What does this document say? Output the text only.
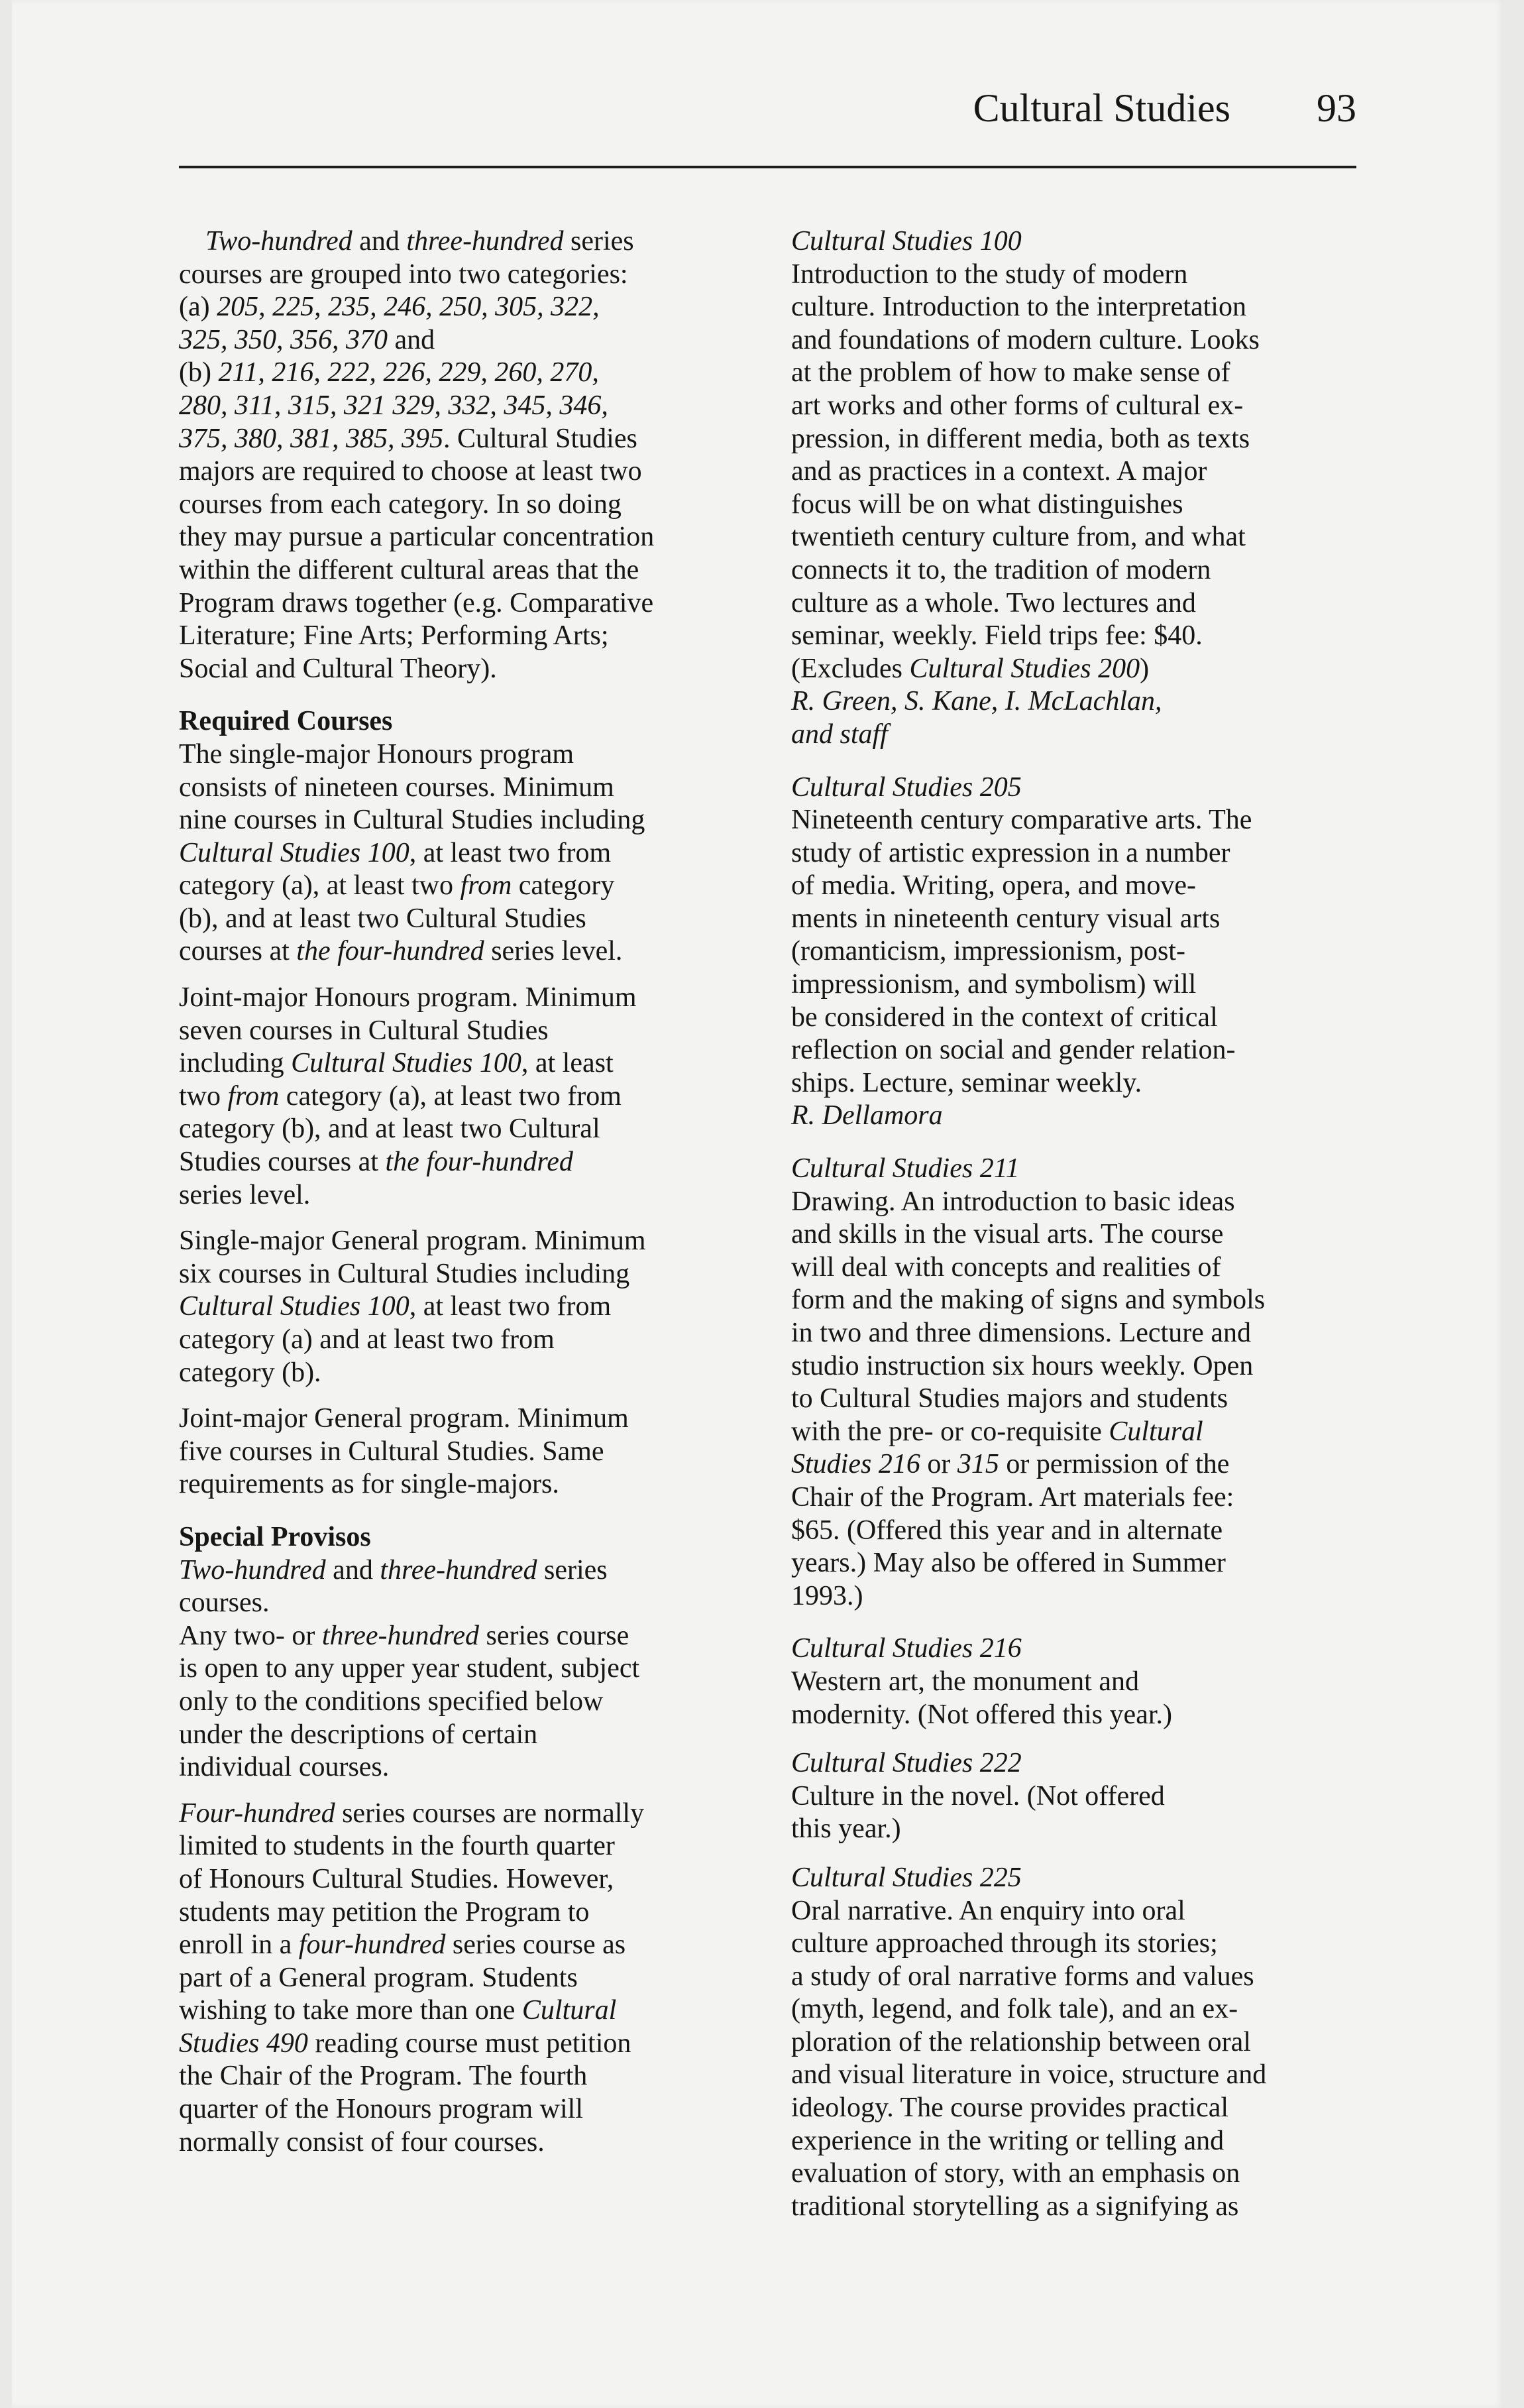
Cultural Studies 93
Two-hundred and three-hundred series
courses are grouped into two categories:
(a) 205, 225, 235, 246, 250, 305, 322,
325, 350, 356, 370 and
(b) 211, 216, 222, 226, 229, 260, 270,
280, 311, 315, 321 329, 332, 345, 346,
375, 380, 381, 385, 395. Cultural Studies
majors are required to choose at least two
courses from each category. In so doing
they may pursue a particular concentration
within the different cultural areas that the
Program draws together (e.g. Comparative
Literature; Fine Arts; Performing Arts;
Social and Cultural Theory).
Required Courses
The single-major Honours program
consists of nineteen courses. Minimum
nine courses in Cultural Studies including
Cultural Studies 100, at least two from
category (a), at least two from category
(b), and at least two Cultural Studies
courses at the four-hundred series level.
Joint-major Honours program. Minimum
seven courses in Cultural Studies
including Cultural Studies 100, at least
two from category (a), at least two from
category (b), and at least two Cultural
Studies courses at the four-hundred
series level.
Single-major General program. Minimum
six courses in Cultural Studies including
Cultural Studies 100, at least two from
category (a) and at least two from
category (b).
Joint-major General program. Minimum
five courses in Cultural Studies. Same
requirements as for single-majors.
Special Provisos
Two-hundred and three-hundred series
courses.
Any two- or three-hundred series course
is open to any upper year student, subject
only to the conditions specified below
under the descriptions of certain
individual courses.
Four-hundred series courses are normally
limited to students in the fourth quarter
of Honours Cultural Studies. However,
students may petition the Program to
enroll in a four-hundred series course as
part of a General program. Students
wishing to take more than one Cultural
Studies 490 reading course must petition
the Chair of the Program. The fourth
quarter of the Honours program will
normally consist of four courses.
Cultural Studies 100
Introduction to the study of modern
culture. Introduction to the interpretation
and foundations of modern culture. Looks
at the problem of how to make sense of
art works and other forms of cultural ex-
pression, in different media, both as texts
and as practices in a context. A major
focus will be on what distinguishes
twentieth century culture from, and what
connects it to, the tradition of modern
culture as a whole. Two lectures and
seminar, weekly. Field trips fee: $40.
(Excludes Cultural Studies 200)
R. Green, S. Kane, I. McLachlan,
and staff
Cultural Studies 205
Nineteenth century comparative arts. The
study of artistic expression in a number
of media. Writing, opera, and move-
ments in nineteenth century visual arts
(romanticism, impressionism, post-
impressionism, and symbolism) will
be considered in the context of critical
reflection on social and gender relation-
ships. Lecture, seminar weekly.
R. Dellamora
Cultural Studies 211
Drawing. An introduction to basic ideas
and skills in the visual arts. The course
will deal with concepts and realities of
form and the making of signs and symbols
in two and three dimensions. Lecture and
studio instruction six hours weekly. Open
to Cultural Studies majors and students
with the pre- or co-requisite Cultural
Studies 216 or 315 or permission of the
Chair of the Program. Art materials fee:
$65. (Offered this year and in alternate
years.) May also be offered in Summer
1993.)
Cultural Studies 216
Western art, the monument and
modernity. (Not offered this year.)
Cultural Studies 222
Culture in the novel. (Not offered
this year.)
Cultural Studies 225
Oral narrative. An enquiry into oral
culture approached through its stories;
a study of oral narrative forms and values
(myth, legend, and folk tale), and an ex-
ploration of the relationship between oral
and visual literature in voice, structure and
ideology. The course provides practical
experience in the writing or telling and
evaluation of story, with an emphasis on
traditional storytelling as a signifying as
